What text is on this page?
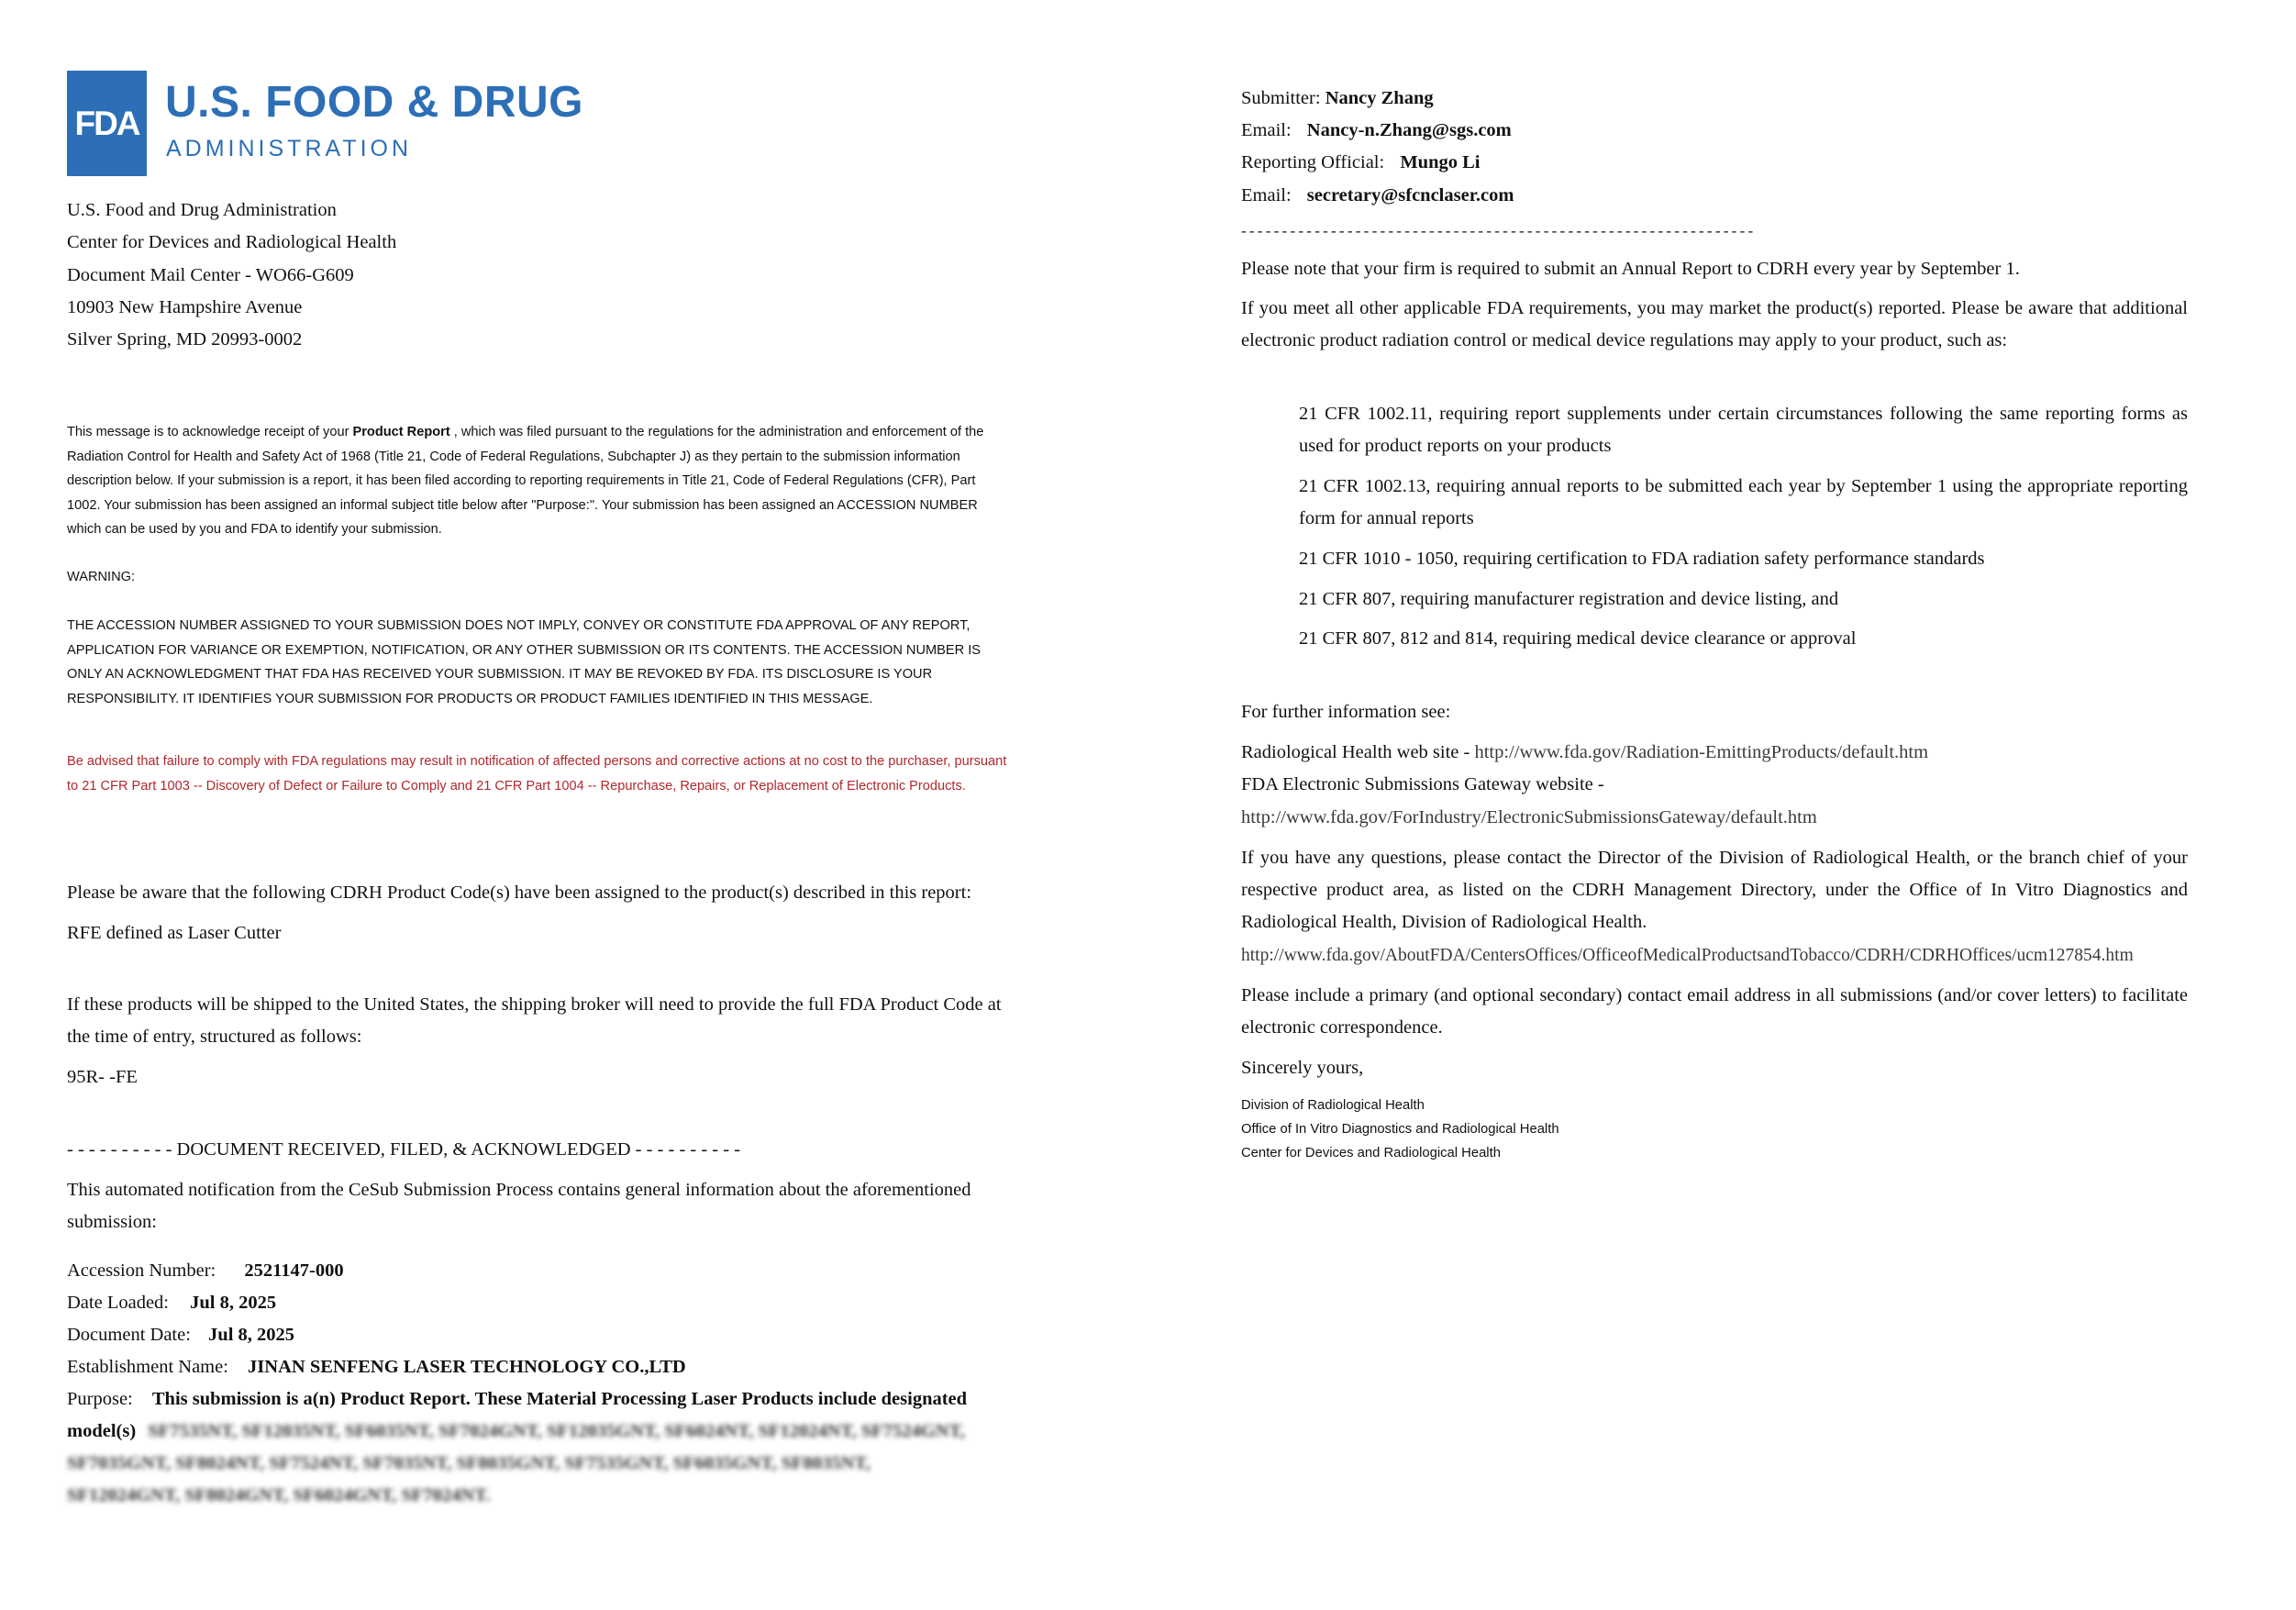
FDA U.S. FOOD & DRUG
ADMINISTRATION
U.S. Food and Drug Administration
Center for Devices and Radiological Health
Document Mail Center - WO66-G609
10903 New Hampshire Avenue
Silver Spring, MD 20993-0002
This message is to acknowledge receipt of your Product Report , which was filed pursuant to the regulations for the administration and enforcement of the Radiation Control for Health and Safety Act of 1968 (Title 21, Code of Federal Regulations, Subchapter J) as they pertain to the submission information description below. If your submission is a report, it has been filed according to reporting requirements in Title 21, Code of Federal Regulations (CFR), Part 1002. Your submission has been assigned an informal subject title below after "Purpose:". Your submission has been assigned an ACCESSION NUMBER which can be used by you and FDA to identify your submission.
WARNING:
THE ACCESSION NUMBER ASSIGNED TO YOUR SUBMISSION DOES NOT IMPLY, CONVEY OR CONSTITUTE FDA APPROVAL OF ANY REPORT, APPLICATION FOR VARIANCE OR EXEMPTION, NOTIFICATION, OR ANY OTHER SUBMISSION OR ITS CONTENTS. THE ACCESSION NUMBER IS ONLY AN ACKNOWLEDGMENT THAT FDA HAS RECEIVED YOUR SUBMISSION. IT MAY BE REVOKED BY FDA. ITS DISCLOSURE IS YOUR RESPONSIBILITY. IT IDENTIFIES YOUR SUBMISSION FOR PRODUCTS OR PRODUCT FAMILIES IDENTIFIED IN THIS MESSAGE.
Be advised that failure to comply with FDA regulations may result in notification of affected persons and corrective actions at no cost to the purchaser, pursuant to 21 CFR Part 1003 -- Discovery of Defect or Failure to Comply and 21 CFR Part 1004 -- Repurchase, Repairs, or Replacement of Electronic Products.
Please be aware that the following CDRH Product Code(s) have been assigned to the product(s) described in this report:
RFE defined as Laser Cutter
If these products will be shipped to the United States, the shipping broker will need to provide the full FDA Product Code at the time of entry, structured as follows:
95R- -FE
- - - - - - - - - - DOCUMENT RECEIVED, FILED, & ACKNOWLEDGED - - - - - - - - - -
This automated notification from the CeSub Submission Process contains general information about the aforementioned submission:
Accession Number: 2521147-000
Date Loaded: Jul 8, 2025
Document Date: Jul 8, 2025
Establishment Name: JINAN SENFENG LASER TECHNOLOGY CO.,LTD
Purpose: This submission is a(n) Product Report. These Material Processing Laser Products include designated
model(s) SF7535NT, SF12035NT, SF6035NT, SF7024GNT, SF12035GNT, SF6024NT, SF12024NT, SF7524GNT,
SF7035GNT, SF8024NT, SF7524NT, SF7035NT, SF8035GNT, SF7535GNT, SF6035GNT, SF8035NT,
SF12024GNT, SF8024GNT, SF6024GNT, SF7024NT.
Submitter: Nancy Zhang
Email: Nancy-n.Zhang@sgs.com
Reporting Official: Mungo Li
Email: secretary@sfcnclaser.com
- - - - - - - - - - - - - - - - - - - - - - - - - - - - - - - - - - - - - - - - - - - - - - - - - - - - - - - - - - - - - - -
Please note that your firm is required to submit an Annual Report to CDRH every year by September 1.
If you meet all other applicable FDA requirements, you may market the product(s) reported. Please be aware that additional electronic product radiation control or medical device regulations may apply to your product, such as:
21 CFR 1002.11, requiring report supplements under certain circumstances following the same reporting forms as used for product reports on your products
21 CFR 1002.13, requiring annual reports to be submitted each year by September 1 using the appropriate reporting form for annual reports
21 CFR 1010 - 1050, requiring certification to FDA radiation safety performance standards
21 CFR 807, requiring manufacturer registration and device listing, and
21 CFR 807, 812 and 814, requiring medical device clearance or approval
For further information see:
Radiological Health web site - http://www.fda.gov/Radiation-EmittingProducts/default.htm
FDA Electronic Submissions Gateway website -
http://www.fda.gov/ForIndustry/ElectronicSubmissionsGateway/default.htm
If you have any questions, please contact the Director of the Division of Radiological Health, or the branch chief of your respective product area, as listed on the CDRH Management Directory, under the Office of In Vitro Diagnostics and Radiological Health, Division of Radiological Health.
http://www.fda.gov/AboutFDA/CentersOffices/OfficeofMedicalProductsandTobacco/CDRH/CDRHOffices/ucm127854.htm
Please include a primary (and optional secondary) contact email address in all submissions (and/or cover letters) to facilitate electronic correspondence.
Sincerely yours,
Division of Radiological Health
Office of In Vitro Diagnostics and Radiological Health
Center for Devices and Radiological Health
